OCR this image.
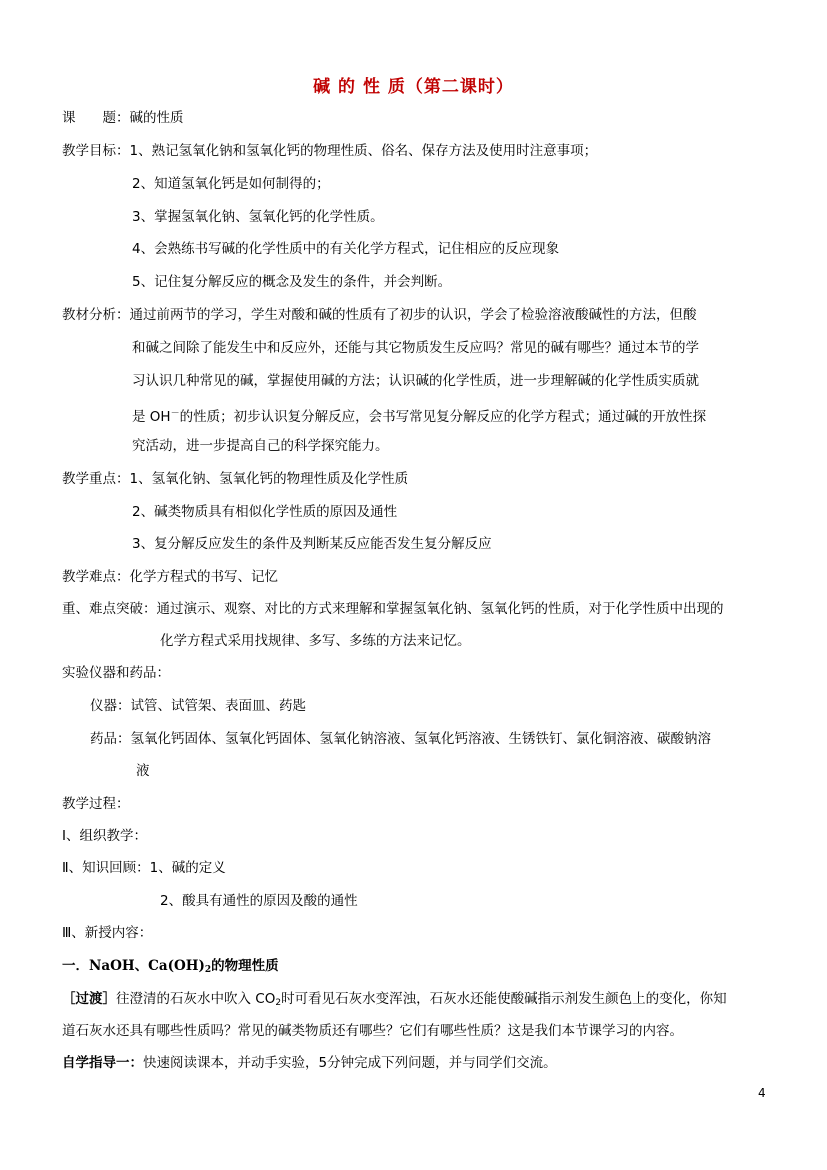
碱 的 性 质（第二课时）
课　　题：碱的性质
教学目标：1、熟记氢氧化钠和氢氧化钙的物理性质、俗名、保存方法及使用时注意事项；
2、知道氢氧化钙是如何制得的；
3、掌握氢氧化钠、氢氧化钙的化学性质。
4、会熟练书写碱的化学性质中的有关化学方程式，记住相应的反应现象
5、记住复分解反应的概念及发生的条件，并会判断。
教材分析：通过前两节的学习，学生对酸和碱的性质有了初步的认识，学会了检验溶液酸碱性的方法，但酸
和碱之间除了能发生中和反应外，还能与其它物质发生反应吗？常见的碱有哪些？通过本节的学
习认识几种常见的碱，掌握使用碱的方法；认识碱的化学性质，进一步理解碱的化学性质实质就
是 OH－的性质；初步认识复分解反应，会书写常见复分解反应的化学方程式；通过碱的开放性探
究活动，进一步提高自己的科学探究能力。
教学重点：1、氢氧化钠、氢氧化钙的物理性质及化学性质
2、碱类物质具有相似化学性质的原因及通性
3、复分解反应发生的条件及判断某反应能否发生复分解反应
教学难点：化学方程式的书写、记忆
重、难点突破：通过演示、观察、对比的方式来理解和掌握氢氧化钠、氢氧化钙的性质，对于化学性质中出现的
化学方程式采用找规律、多写、多练的方法来记忆。
实验仪器和药品：
仪器：试管、试管架、表面皿、药匙
药品：氢氧化钙固体、氢氧化钙固体、氢氧化钠溶液、氢氧化钙溶液、生锈铁钉、氯化铜溶液、碳酸钠溶
液
教学过程：
Ⅰ、组织教学：
Ⅱ、知识回顾：1、碱的定义
2、酸具有通性的原因及酸的通性
Ⅲ、新授内容：
一．NaOH、$Ca(OH)_2$的物理性质
［过渡］往澄清的石灰水中吹入 $CO_2$时可看见石灰水变浑浊，石灰水还能使酸碱指示剂发生颜色上的变化，你知
道石灰水还具有哪些性质吗？常见的碱类物质还有哪些？它们有哪些性质？这是我们本节课学习的内容。
自学指导一：快速阅读课本，并动手实验，5分钟完成下列问题，并与同学们交流。
4
